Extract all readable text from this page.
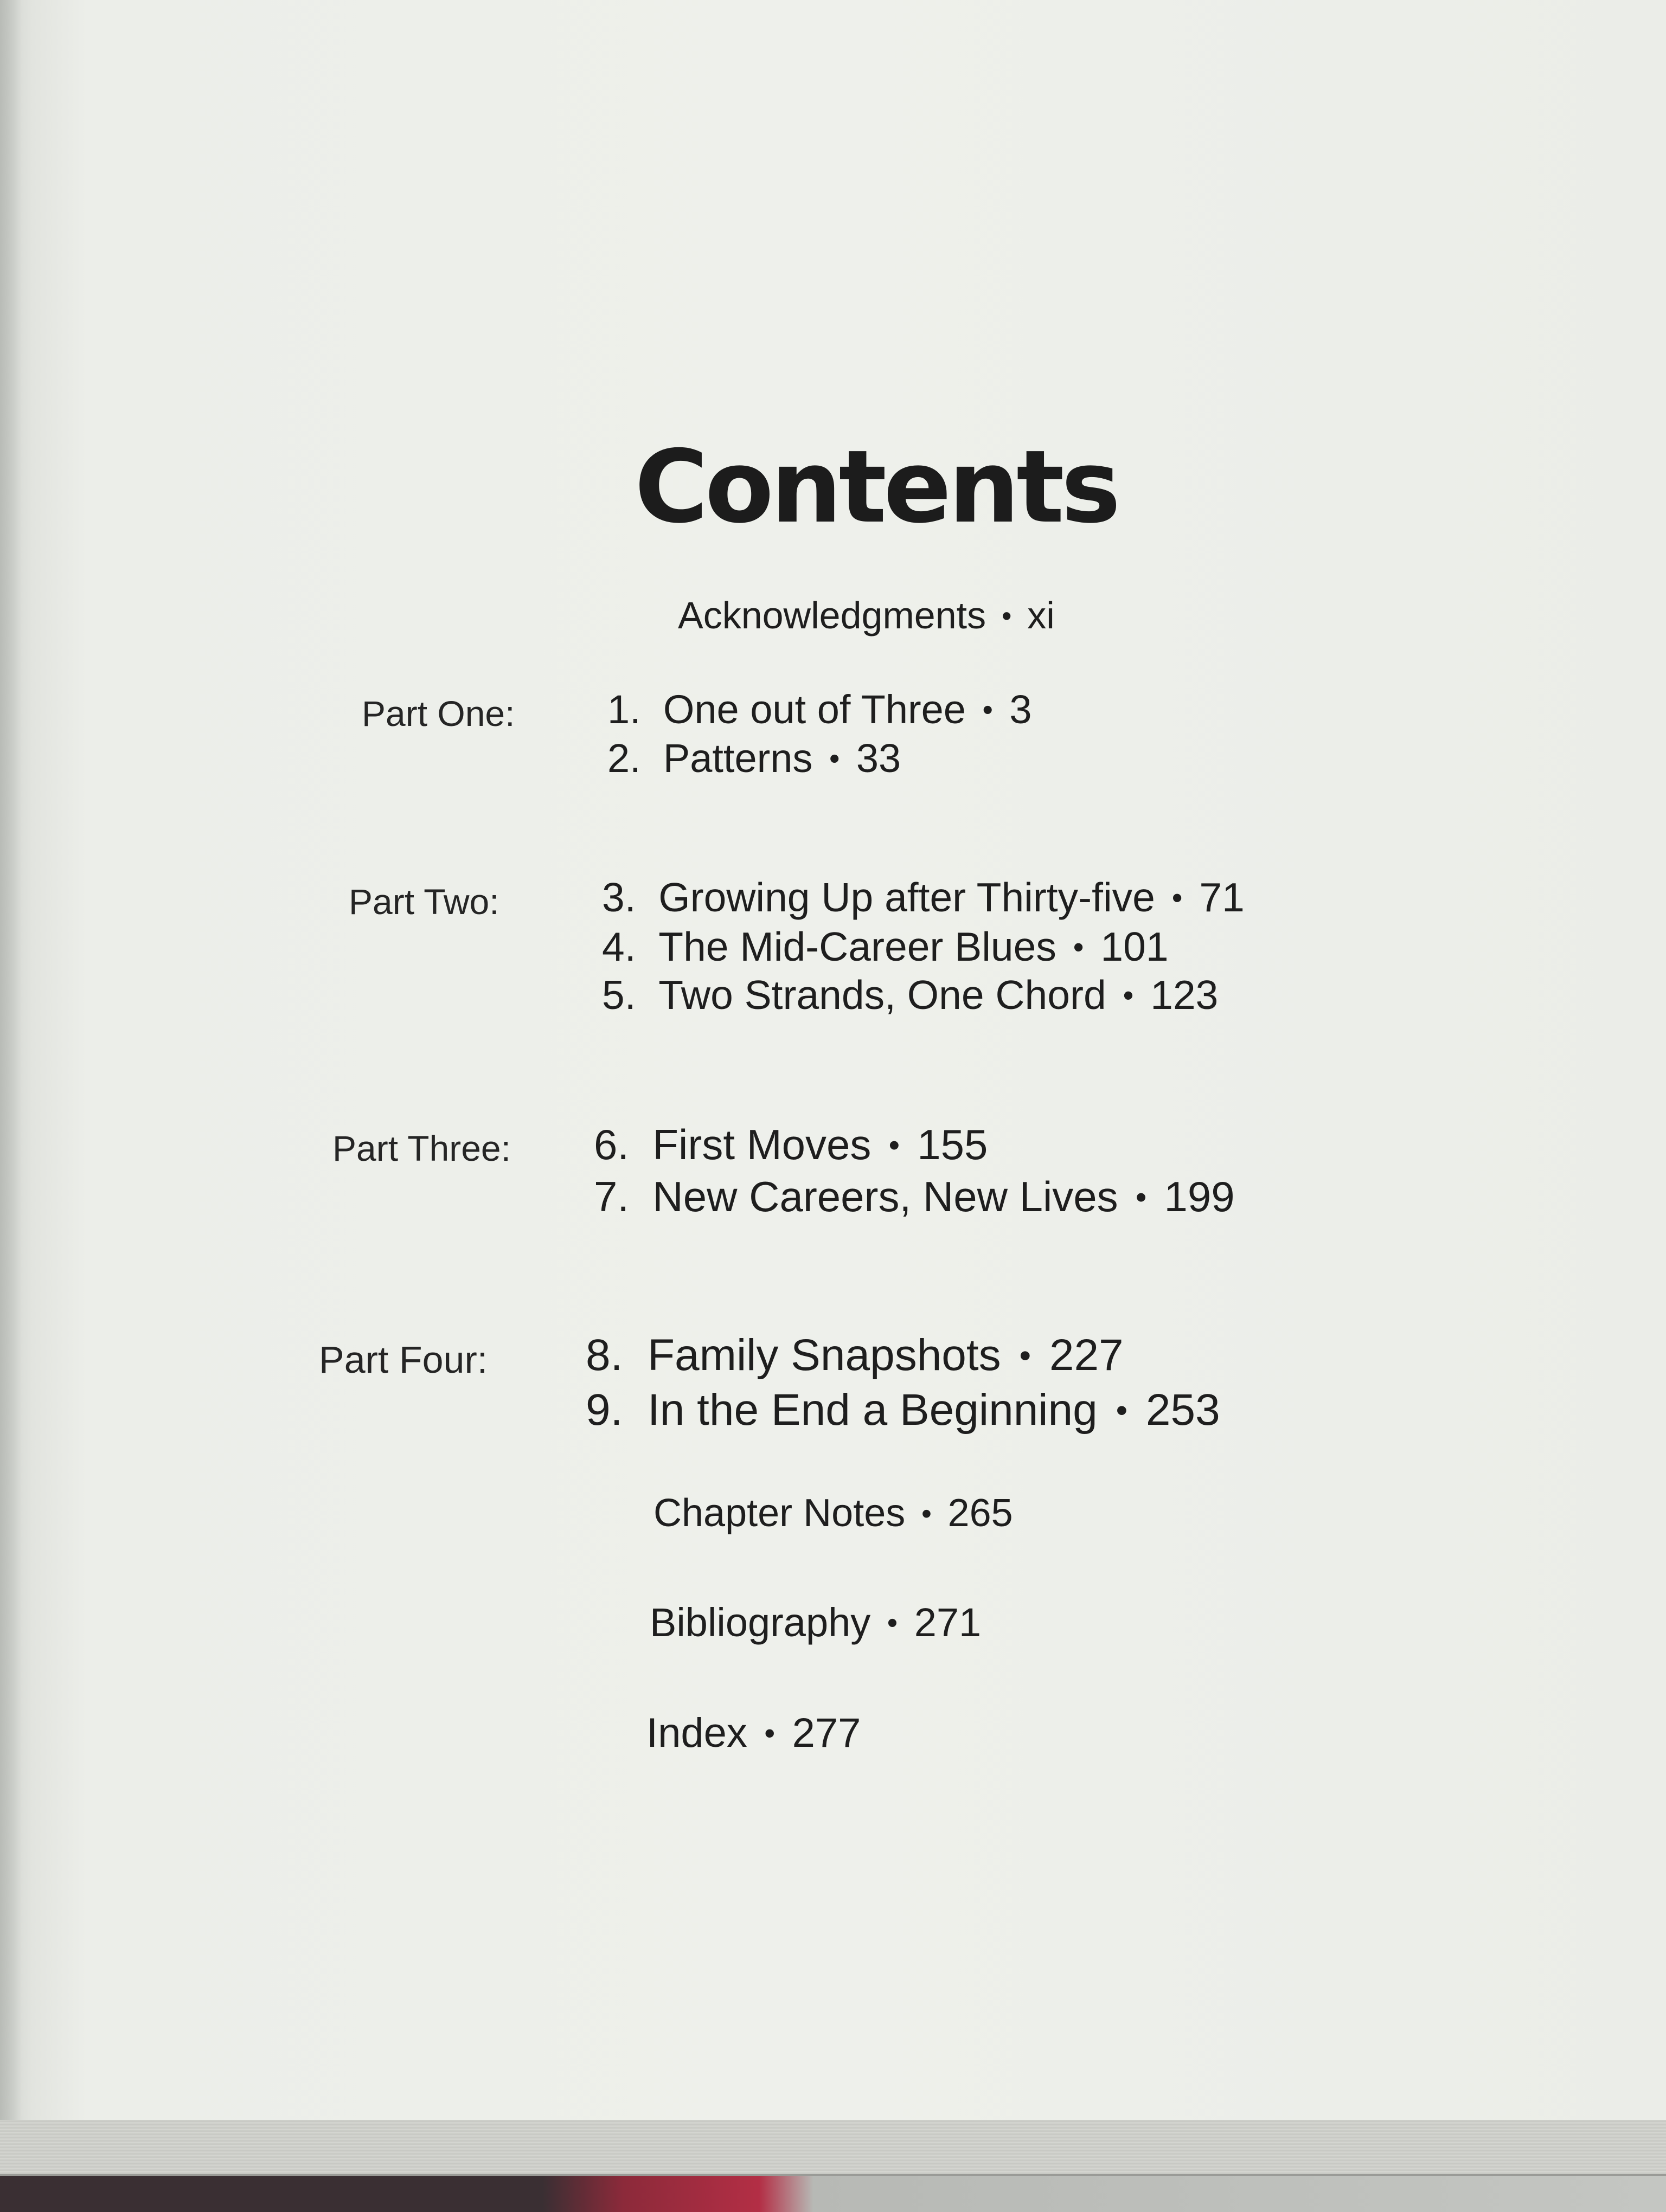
Contents
Acknowledgments • xi
Part One: 1. One out of Three • 3
2. Patterns • 33
Part Two:	3. Growing Up after Thirty-five • 71
4. The Mid-Career Blues • 101
5. Two Strands, One Chord • 123
Part Three: 6. First Moves • 155
7. New Careers, New Lives • 199
Part Four: 8. Family Snapshots • 227
9. In the End a Beginning • 253
Chapter Notes • 265
Bibliography • 271
Index • 277
